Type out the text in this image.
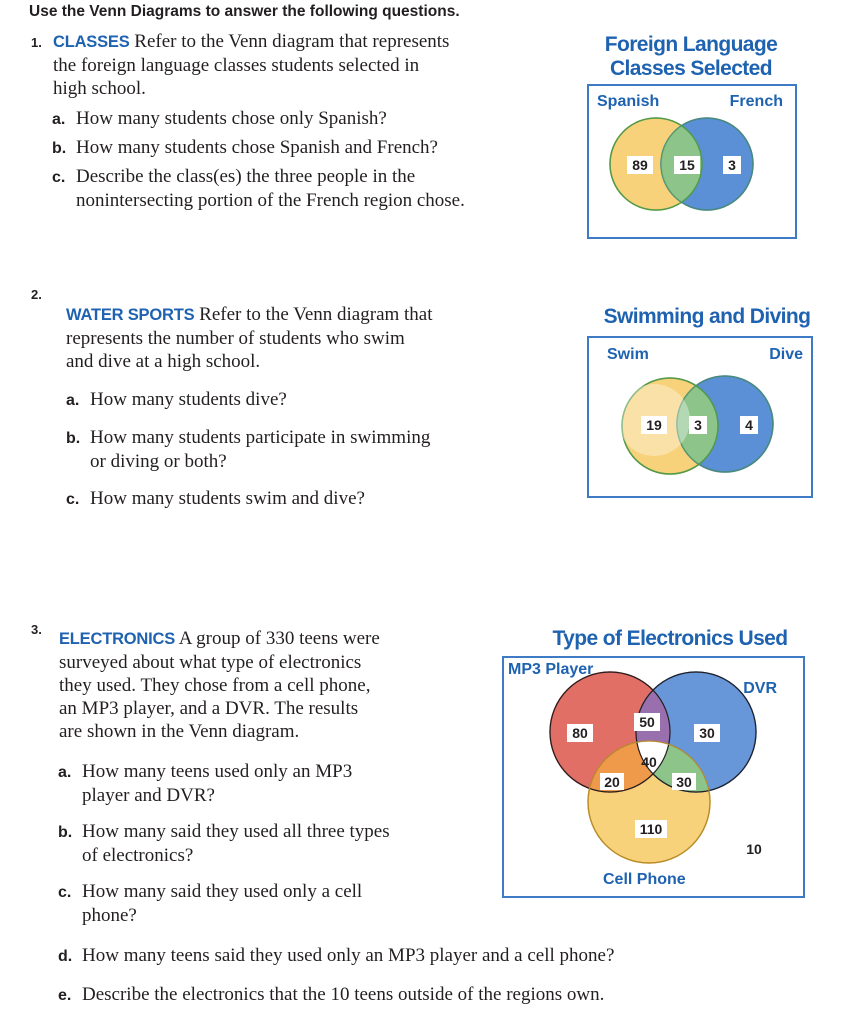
Use the Venn Diagrams to answer the following questions.
1. CLASSES Refer to the Venn diagram that represents
the foreign language classes students selected in
high school.
a. How many students chose only Spanish?
b. How many students chose Spanish and French?
c. Describe the class(es) the three people in the
nonintersecting portion of the French region chose.
Foreign Language
Classes Selected
Spanish	French
89 15 3
2.
WATER SPORTS Refer to the Venn diagram that
represents the number of students who swim
and dive at a high school.
a. How many students dive?
b. How many students participate in swimming
or diving or both?
c. How many students swim and dive?
Swimming and Diving
Swim	Dive
19 3	4
3.
ELECTRONICS A group of 330 teens were
surveyed about what type of electronics
they used. They chose from a cell phone,
an MP3 player, and a DVR. The results
are shown in the Venn diagram.
a. How many teens used only an MP3
player and DVR?
b. How many said they used all three types
of electronics?
c. How many said they used only a cell
phone?
d. How many teens said they used only an MP3 player and a cell phone?
e. Describe the electronics that the 10 teens outside of the regions own.
Type of Electronics Used
80
50
30
40
20	30
110
10
MP3 Player
DVR
Cell Phone
